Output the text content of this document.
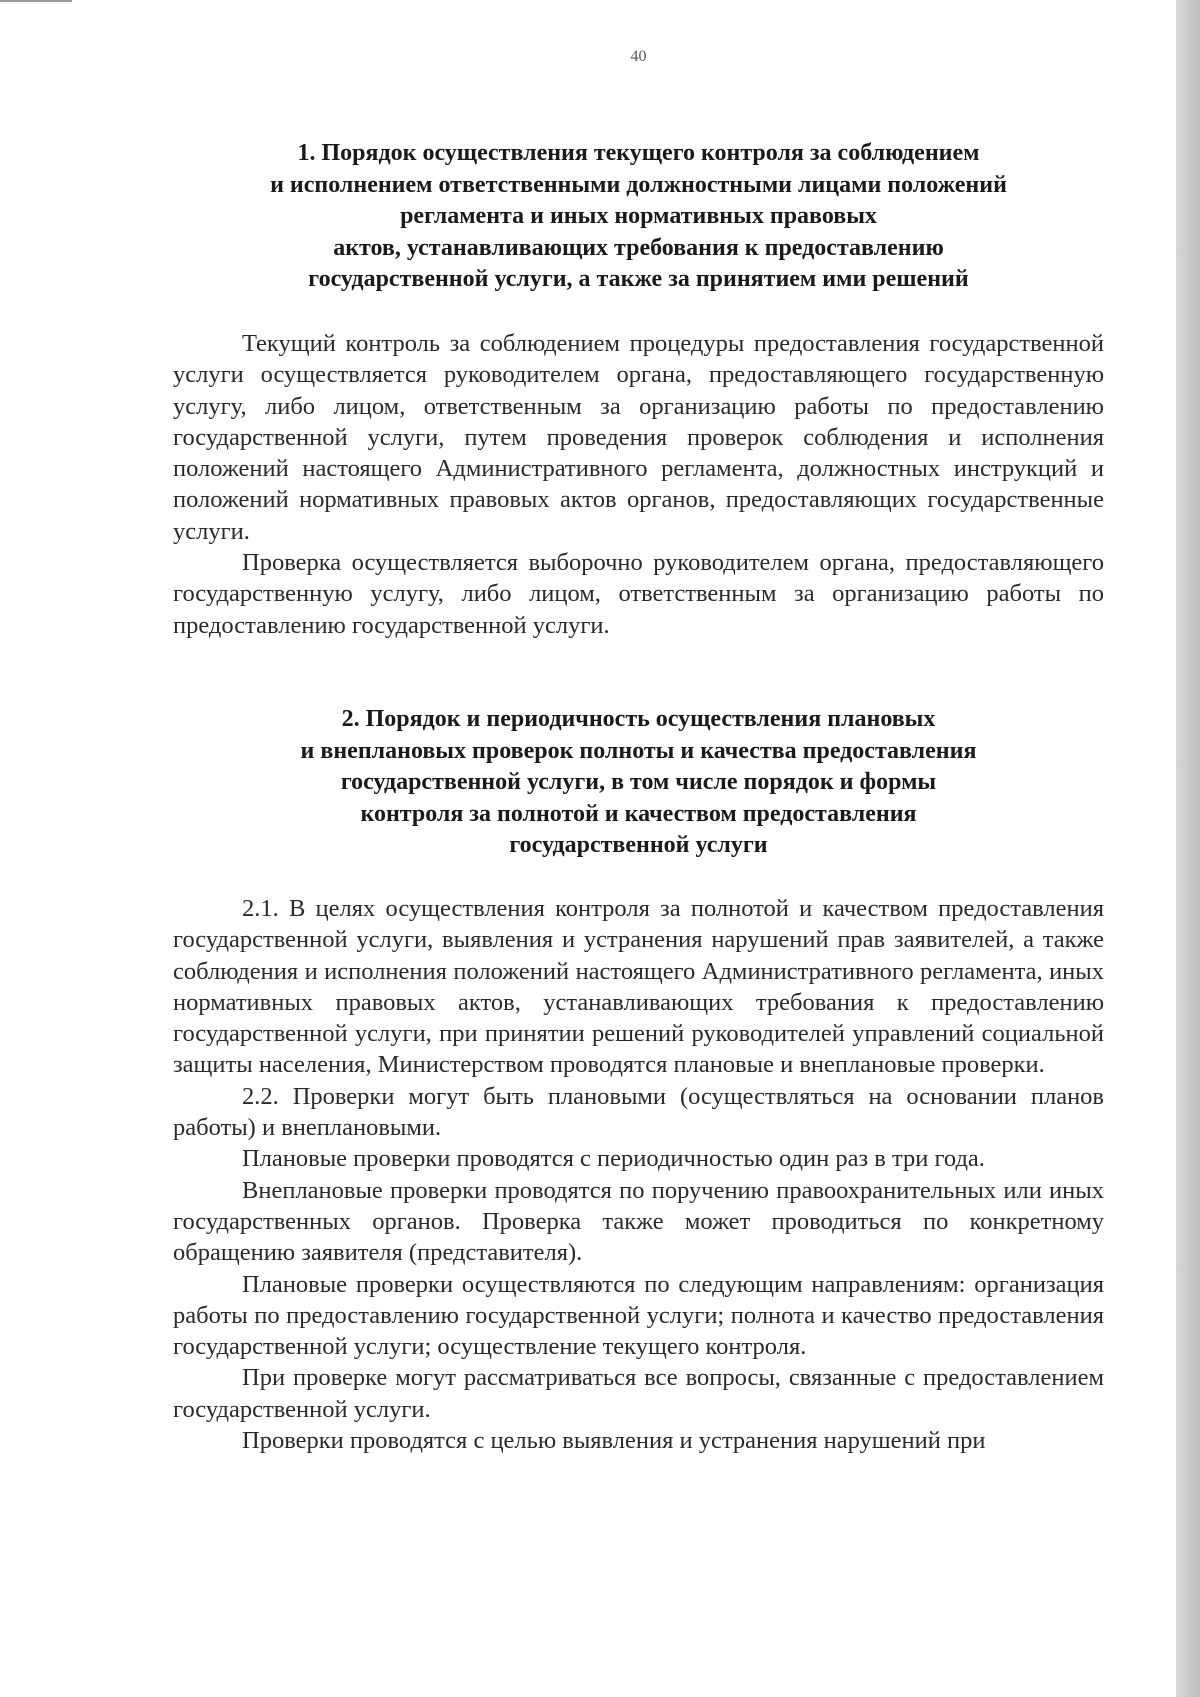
40
1. Порядок осуществления текущего контроля за соблюдением
и исполнением ответственными должностными лицами положений
регламента и иных нормативных правовых
актов, устанавливающих требования к предоставлению
государственной услуги, а также за принятием ими решений

Текущий контроль за соблюдением процедуры предоставления государственной услуги осуществляется руководителем органа, предоставляющего государственную услугу, либо лицом, ответственным за организацию работы по предоставлению государственной услуги, путем проведения проверок соблюдения и исполнения положений настоящего Административного регламента, должностных инструкций и положений нормативных правовых актов органов, предоставляющих государственные услуги.

Проверка осуществляется выборочно руководителем органа, предоставляющего государственную услугу, либо лицом, ответственным за организацию работы по предоставлению государственной услуги.

2. Порядок и периодичность осуществления плановых
и внеплановых проверок полноты и качества предоставления
государственной услуги, в том числе порядок и формы
контроля за полнотой и качеством предоставления
государственной услуги

2.1. В целях осуществления контроля за полнотой и качеством предоставления государственной услуги, выявления и устранения нарушений прав заявителей, а также соблюдения и исполнения положений настоящего Административного регламента, иных нормативных правовых актов, устанавливающих требования к предоставлению государственной услуги, при принятии решений руководителей управлений социальной защиты населения, Министерством проводятся плановые и внеплановые проверки.

2.2. Проверки могут быть плановыми (осуществляться на основании планов работы) и внеплановыми.

Плановые проверки проводятся с периодичностью один раз в три года.

Внеплановые проверки проводятся по поручению правоохранительных или иных государственных органов. Проверка также может проводиться по конкретному обращению заявителя (представителя).

Плановые проверки осуществляются по следующим направлениям: организация работы по предоставлению государственной услуги; полнота и качество предоставления государственной услуги; осуществление текущего контроля.

При проверке могут рассматриваться все вопросы, связанные с предоставлением государственной услуги.

Проверки проводятся с целью выявления и устранения нарушений при
